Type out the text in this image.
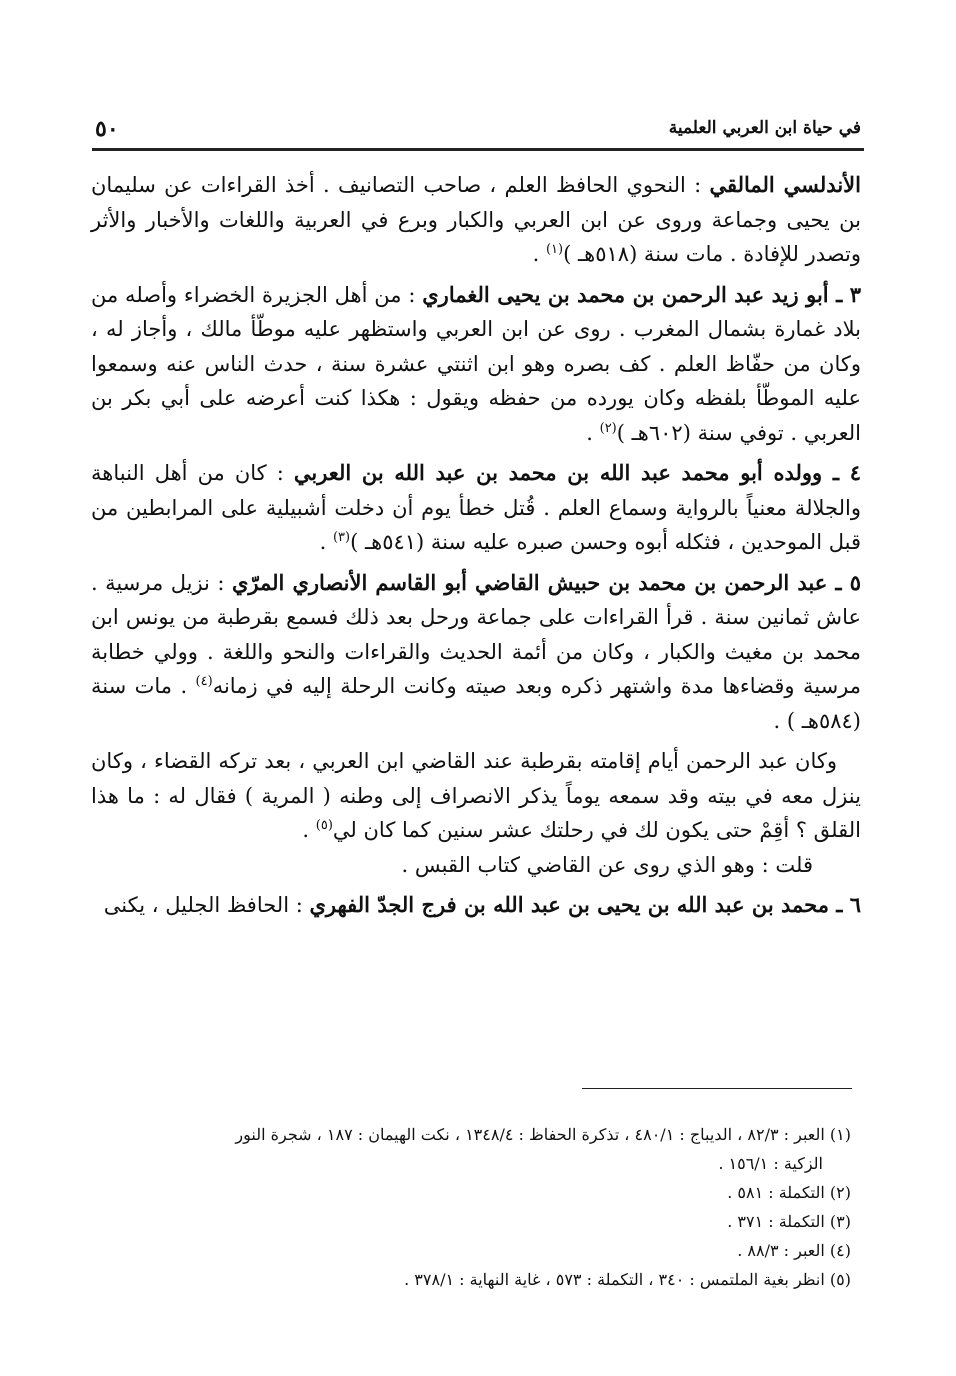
في حياة ابن العربي العلمية
٥٠

الأندلسي المالقي : النحوي الحافظ العلم ، صاحب التصانيف . أخذ القراءات عن سليمان بن يحيى وجماعة وروى عن ابن العربي والكبار وبرع في العربية واللغات والأخبار والأثر وتصدر للإفادة . مات سنة (٥١٨هـ )$^{(١)}$ .

٣ ـ أبو زيد عبد الرحمن بن محمد بن يحيى الغماري : من أهل الجزيرة الخضراء وأصله من بلاد غمارة بشمال المغرب . روى عن ابن العربي واستظهر عليه موطّأ مالك ، وأجاز له ، وكان من حفّاظ العلم . كف بصره وهو ابن اثنتي عشرة سنة ، حدث الناس عنه وسمعوا عليه الموطّأ بلفظه وكان يورده من حفظه ويقول : هكذا كنت أعرضه على أبي بكر بن العربي . توفي سنة (٦٠٢هـ )$^{(٢)}$ .

٤ ـ وولده أبو محمد عبد الله بن محمد بن عبد الله بن العربي : كان من أهل النباهة والجلالة معنياً بالرواية وسماع العلم . قُتل خطأ يوم أن دخلت أشبيلية على المرابطين من قبل الموحدين ، فثكله أبوه وحسن صبره عليه سنة (٥٤١هـ )$^{(٣)}$ .

٥ ـ عبد الرحمن بن محمد بن حبيش القاضي أبو القاسم الأنصاري المرّي : نزيل مرسية . عاش ثمانين سنة . قرأ القراءات على جماعة ورحل بعد ذلك فسمع بقرطبة من يونس ابن محمد بن مغيث والكبار ، وكان من أئمة الحديث والقراءات والنحو واللغة . وولي خطابة مرسية وقضاءها مدة واشتهر ذكره وبعد صيته وكانت الرحلة إليه في زمانه$^{(٤)}$ . مات سنة (٥٨٤هـ ) .

وكان عبد الرحمن أيام إقامته بقرطبة عند القاضي ابن العربي ، بعد تركه القضاء ، وكان ينزل معه في بيته وقد سمعه يوماً يذكر الانصراف إلى وطنه ( المرية ) فقال له : ما هذا القلق ؟ أقِمْ حتى يكون لك في رحلتك عشر سنين كما كان لي$^{(٥)}$ .

قلت : وهو الذي روى عن القاضي كتاب القبس .

٦ ـ محمد بن عبد الله بن يحيى بن عبد الله بن فرج الجدّ الفهري : الحافظ الجليل ، يكنى

(١) العبر : ٨٢/٣ ، الديباج : ٤٨٠/١ ، تذكرة الحفاظ : ١٣٤٨/٤ ، نكت الهيمان : ١٨٧ ، شجرة النور
الزكية : ١٥٦/١ .

(٢) التكملة : ٥٨١ .

(٣) التكملة : ٣٧١ .

(٤) العبر : ٨٨/٣ .

(٥) انظر بغية الملتمس : ٣٤٠ ، التكملة : ٥٧٣ ، غاية النهاية : ٣٧٨/١ .
